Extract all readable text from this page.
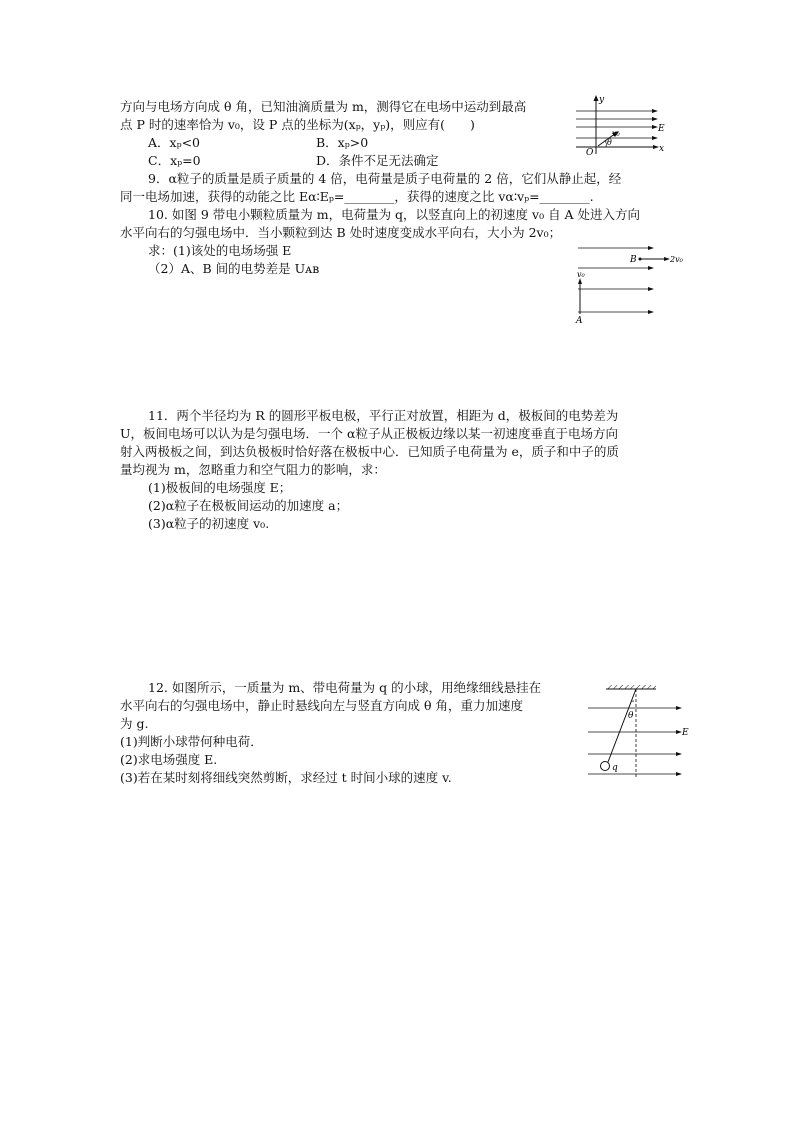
方向与电场方向成 θ 角，已知油滴质量为 m，测得它在电场中运动到最高
点 P 时的速率恰为 v₀，设 P 点的坐标为(xₚ，yₚ)，则应有(　　)
A．xₚ<0	B．xₚ>0
C．xₚ=0	D．条件不足无法确定
y
E
x
O
v₀
θ
9．α粒子的质量是质子质量的 4 倍，电荷量是质子电荷量的 2 倍，它们从静止起，经
同一电场加速，获得的动能之比 Eα∶Eₚ=________，获得的速度之比 vα∶vₚ=________.
10. 如图 9 带电小颗粒质量为 m，电荷量为 q，以竖直向上的初速度 v₀ 自 A 处进入方向
水平向右的匀强电场中．当小颗粒到达 B 处时速度变成水平向右，大小为 2v₀；
求：(1)该处的电场场强 E
（2）A、B 间的电势差是 Uᴀʙ
B	2v₀
v₀
A
11．两个半径均为 R 的圆形平板电极，平行正对放置，相距为 d，极板间的电势差为
U，板间电场可以认为是匀强电场．一个 α粒子从正极板边缘以某一初速度垂直于电场方向
射入两极板之间，到达负极板时恰好落在极板中心．已知质子电荷量为 e，质子和中子的质
量均视为 m，忽略重力和空气阻力的影响，求：
(1)极板间的电场强度 E；
(2)α粒子在极板间运动的加速度 a；
(3)α粒子的初速度 v₀.
12. 如图所示，一质量为 m、带电荷量为 q 的小球，用绝缘细线悬挂在
水平向右的匀强电场中，静止时悬线向左与竖直方向成 θ 角，重力加速度
为 g.
(1)判断小球带何种电荷．
(2)求电场强度 E.
(3)若在某时刻将细线突然剪断，求经过 t 时间小球的速度 v.
E
q
θ
